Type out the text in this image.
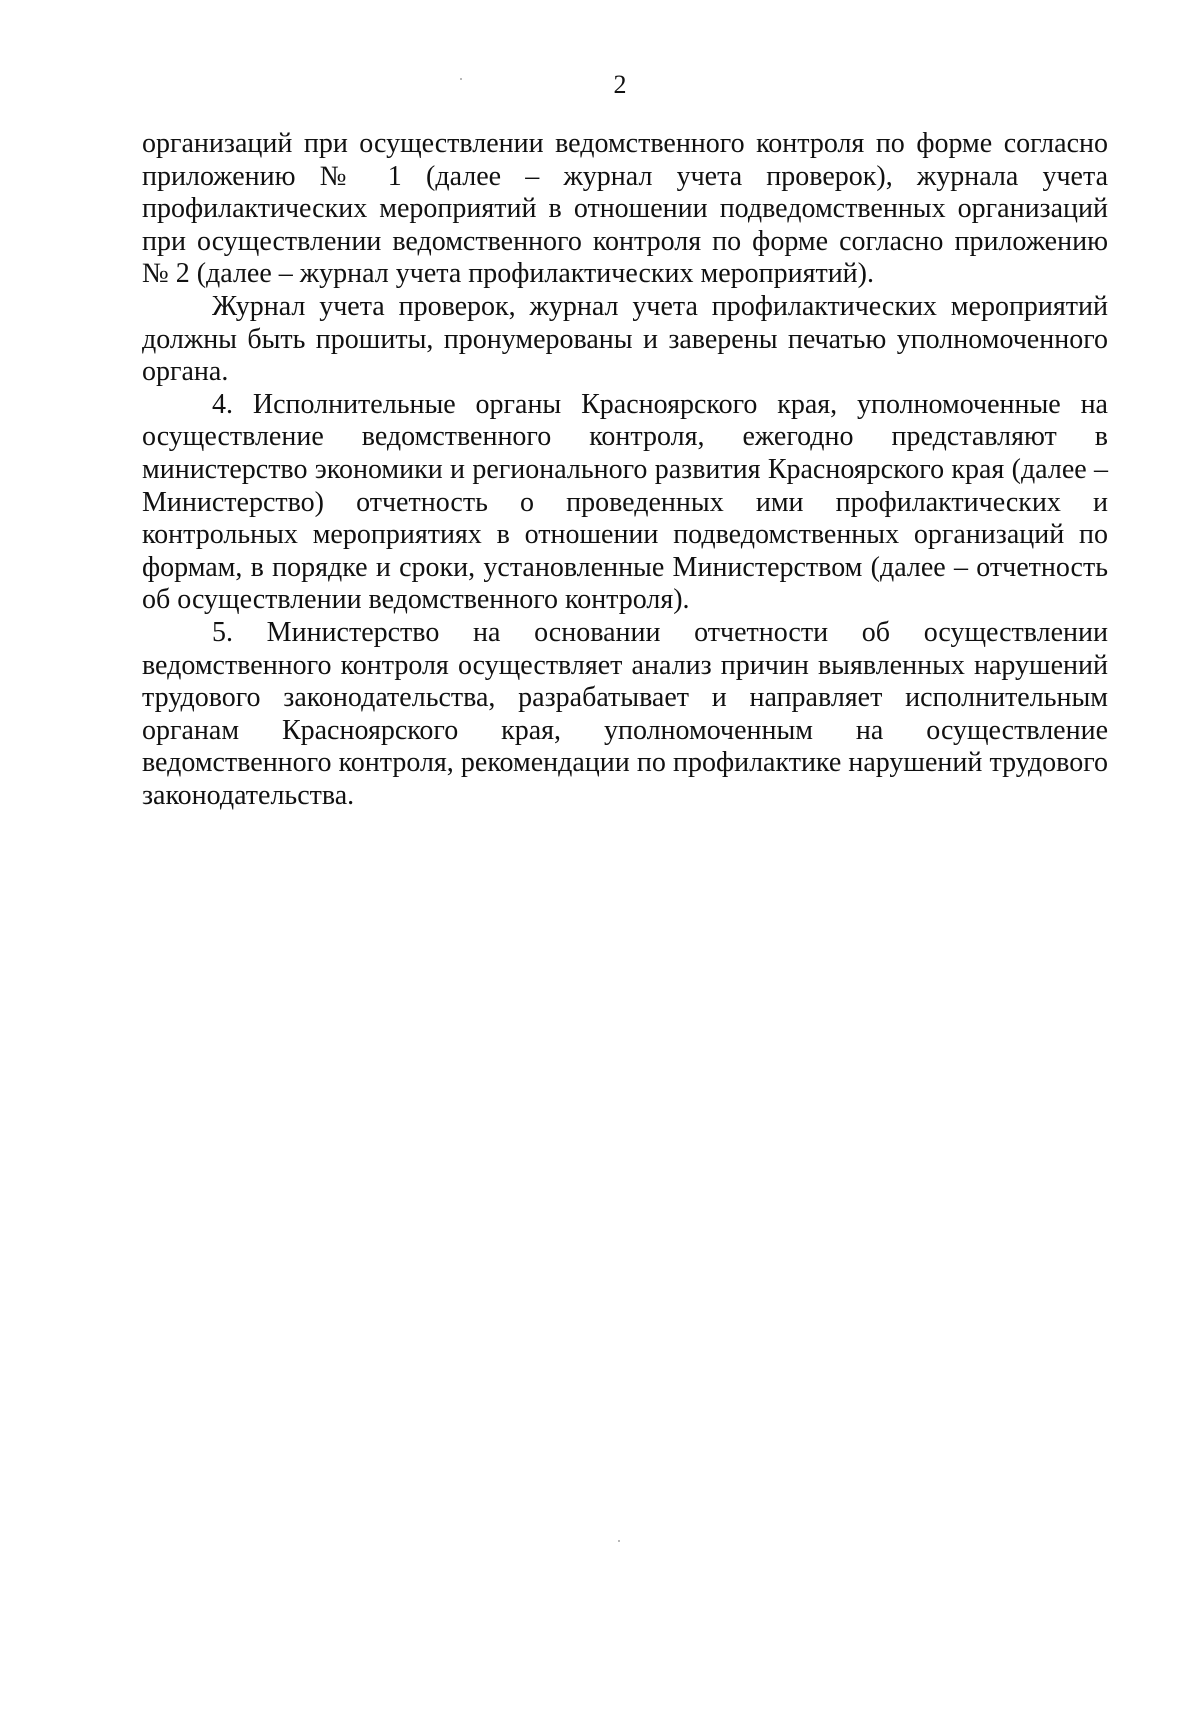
2

организаций при осуществлении ведомственного контроля по форме согласно приложению № 1 (далее – журнал учета проверок), журнала учета профилактических мероприятий в отношении подведомственных организаций при осуществлении ведомственного контроля по форме согласно приложению № 2 (далее – журнал учета профилактических мероприятий).

Журнал учета проверок, журнал учета профилактических мероприятий должны быть прошиты, пронумерованы и заверены печатью уполномоченного органа.

4. Исполнительные органы Красноярского края, уполномоченные на осуществление ведомственного контроля, ежегодно представляют в министерство экономики и регионального развития Красноярского края (далее – Министерство) отчетность о проведенных ими профилактических и контрольных мероприятиях в отношении подведомственных организаций по формам, в порядке и сроки, установленные Министерством (далее – отчетность об осуществлении ведомственного контроля).

5. Министерство на основании отчетности об осуществлении ведомственного контроля осуществляет анализ причин выявленных нарушений трудового законодательства, разрабатывает и направляет исполнительным органам Красноярского края, уполномоченным на осуществление ведомственного контроля, рекомендации по профилактике нарушений трудового законодательства.
